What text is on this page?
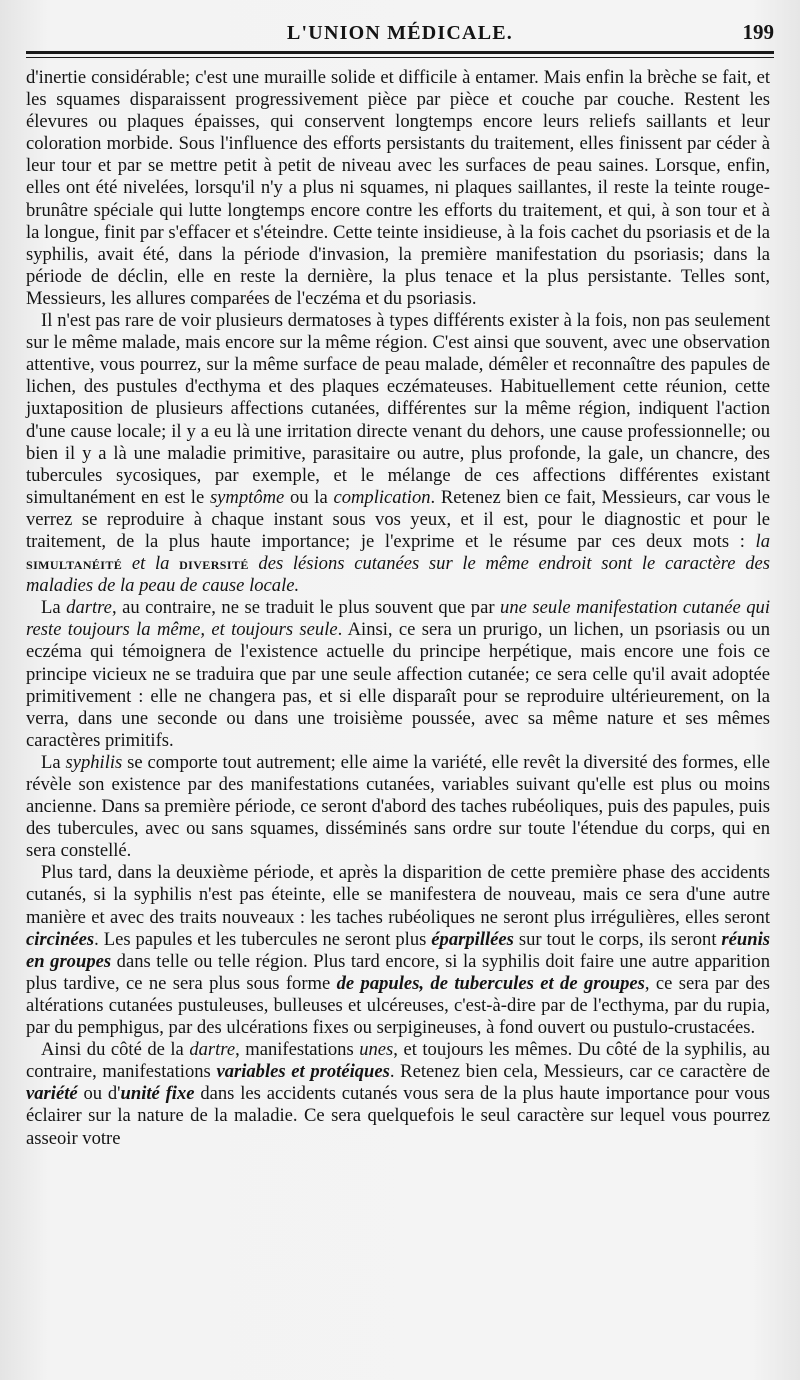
L'UNION MÉDICALE.	199

d'inertie considérable; c'est une muraille solide et difficile à entamer. Mais enfin la brèche se fait, et les squames disparaissent progressivement pièce par pièce et couche par couche. Restent les élevures ou plaques épaisses, qui conservent longtemps encore leurs reliefs saillants et leur coloration morbide. Sous l'influence des efforts persistants du traitement, elles finissent par céder à leur tour et par se mettre petit à petit de niveau avec les surfaces de peau saines. Lorsque, enfin, elles ont été nivelées, lorsqu'il n'y a plus ni squames, ni plaques saillantes, il reste la teinte rouge-brunâtre spéciale qui lutte longtemps encore contre les efforts du traitement, et qui, à son tour et à la longue, finit par s'effacer et s'éteindre. Cette teinte insidieuse, à la fois cachet du psoriasis et de la syphilis, avait été, dans la période d'invasion, la première manifestation du psoriasis; dans la période de déclin, elle en reste la dernière, la plus tenace et la plus persistante. Telles sont, Messieurs, les allures comparées de l'eczéma et du psoriasis.

Il n'est pas rare de voir plusieurs dermatoses à types différents exister à la fois, non pas seulement sur le même malade, mais encore sur la même région. C'est ainsi que souvent, avec une observation attentive, vous pourrez, sur la même surface de peau malade, démêler et reconnaître des papules de lichen, des pustules d'ecthyma et des plaques eczémateuses. Habituellement cette réunion, cette juxtaposition de plusieurs affections cutanées, différentes sur la même région, indiquent l'action d'une cause locale; il y a eu là une irritation directe venant du dehors, une cause professionnelle; ou bien il y a là une maladie primitive, parasitaire ou autre, plus profonde, la gale, un chancre, des tubercules sycosiques, par exemple, et le mélange de ces affections différentes existant simultanément en est le symptôme ou la complication. Retenez bien ce fait, Messieurs, car vous le verrez se reproduire à chaque instant sous vos yeux, et il est, pour le diagnostic et pour le traitement, de la plus haute importance; je l'exprime et le résume par ces deux mots : la simultanéité et la diversité des lésions cutanées sur le même endroit sont le caractère des maladies de la peau de cause locale.

La dartre, au contraire, ne se traduit le plus souvent que par une seule manifestation cutanée qui reste toujours la même, et toujours seule. Ainsi, ce sera un prurigo, un lichen, un psoriasis ou un eczéma qui témoignera de l'existence actuelle du principe herpétique, mais encore une fois ce principe vicieux ne se traduira que par une seule affection cutanée; ce sera celle qu'il avait adoptée primitivement : elle ne changera pas, et si elle disparaît pour se reproduire ultérieurement, on la verra, dans une seconde ou dans une troisième poussée, avec sa même nature et ses mêmes caractères primitifs.

La syphilis se comporte tout autrement; elle aime la variété, elle revêt la diversité des formes, elle révèle son existence par des manifestations cutanées, variables suivant qu'elle est plus ou moins ancienne. Dans sa première période, ce seront d'abord des taches rubéoliques, puis des papules, puis des tubercules, avec ou sans squames, disséminés sans ordre sur toute l'étendue du corps, qui en sera constellé.

Plus tard, dans la deuxième période, et après la disparition de cette première phase des accidents cutanés, si la syphilis n'est pas éteinte, elle se manifestera de nouveau, mais ce sera d'une autre manière et avec des traits nouveaux : les taches rubéoliques ne seront plus irrégulières, elles seront circinées. Les papules et les tubercules ne seront plus éparpillées sur tout le corps, ils seront réunis en groupes dans telle ou telle région. Plus tard encore, si la syphilis doit faire une autre apparition plus tardive, ce ne sera plus sous forme de papules, de tubercules et de groupes, ce sera par des altérations cutanées pustuleuses, bulleuses et ulcéreuses, c'est-à-dire par de l'ecthyma, par du rupia, par du pemphigus, par des ulcérations fixes ou serpigineuses, à fond ouvert ou pustulo-crustacées.

Ainsi du côté de la dartre, manifestations unes, et toujours les mêmes. Du côté de la syphilis, au contraire, manifestations variables et protéiques. Retenez bien cela, Messieurs, car ce caractère de variété ou d'unité fixe dans les accidents cutanés vous sera de la plus haute importance pour vous éclairer sur la nature de la maladie. Ce sera quelquefois le seul caractère sur lequel vous pourrez asseoir votre
